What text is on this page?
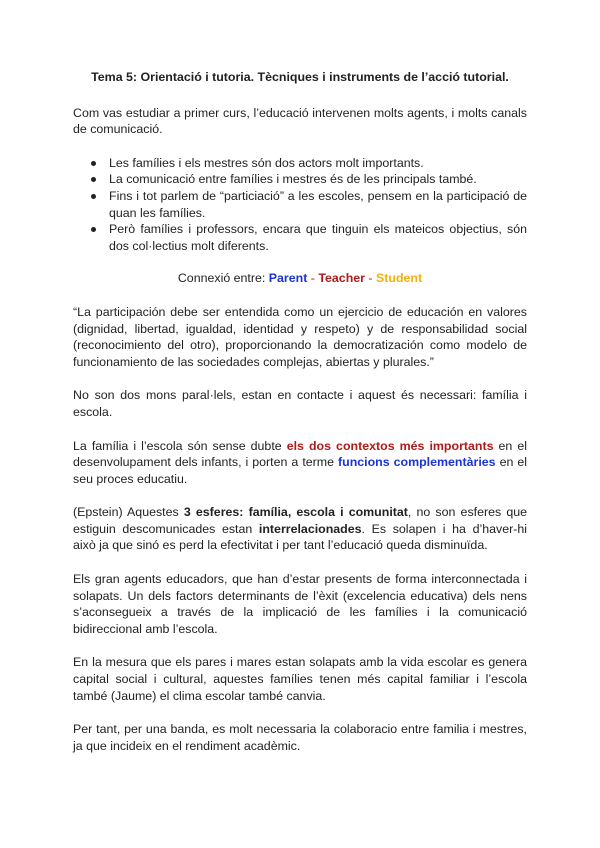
Tema 5: Orientació i tutoria. Tècniques i instruments de l’acció tutorial.

Com vas estudiar a primer curs, l’educació intervenen molts agents, i molts canals de comunicació.

Les famílies i els mestres són dos actors molt importants.
La comunicació entre famílies i mestres és de les principals també.
Fins i tot parlem de “particiació” a les escoles, pensem en la participació de quan les famílies.
Però famílies i professors, encara que tinguin els mateicos objectius, són dos col·lectius molt diferents.
Connexió entre: Parent - Teacher - Student

“La participación debe ser entendida como un ejercicio de educación en valores (dignidad, libertad, igualdad, identidad y respeto) y de responsabilidad social (reconocimiento del otro), proporcionando la democratización como modelo de funcionamiento de las sociedades complejas, abiertas y plurales.”

No son dos mons paral·lels, estan en contacte i aquest és necessari: família i escola.

La família i l’escola són sense dubte els dos contextos més importants en el desenvolupament dels infants, i porten a terme funcions complementàries en el seu proces educatiu.

(Epstein) Aquestes 3 esferes: família, escola i comunitat, no son esferes que estiguin descomunicades estan interrelacionades. Es solapen i ha d’haver-hi això ja que sinó es perd la efectivitat i per tant l’educació queda disminuïda.

Els gran agents educadors, que han d’estar presents de forma interconnectada i solapats. Un dels factors determinants de l’èxit (excelencia educativa) dels nens s’aconsegueix a través de la implicació de les famílies i la comunicació bidireccional amb l’escola.

En la mesura que els pares i mares estan solapats amb la vida escolar es genera capital social i cultural, aquestes famílies tenen més capital familiar i l’escola també (Jaume) el clima escolar també canvia.

Per tant, per una banda, es molt necessaria la colaboracio entre familia i mestres, ja que incideix en el rendiment acadèmic.
